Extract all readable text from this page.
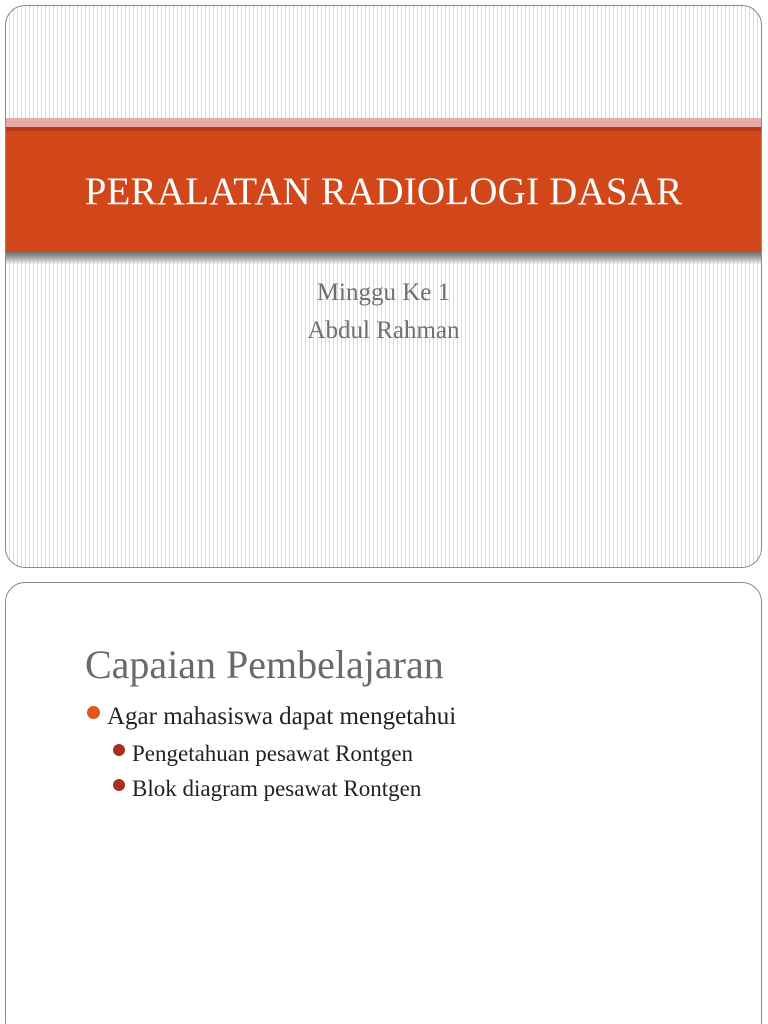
PERALATAN RADIOLOGI DASAR
Minggu Ke 1
Abdul Rahman
Capaian Pembelajaran
Agar mahasiswa dapat mengetahui
Pengetahuan pesawat Rontgen
Blok diagram pesawat Rontgen
